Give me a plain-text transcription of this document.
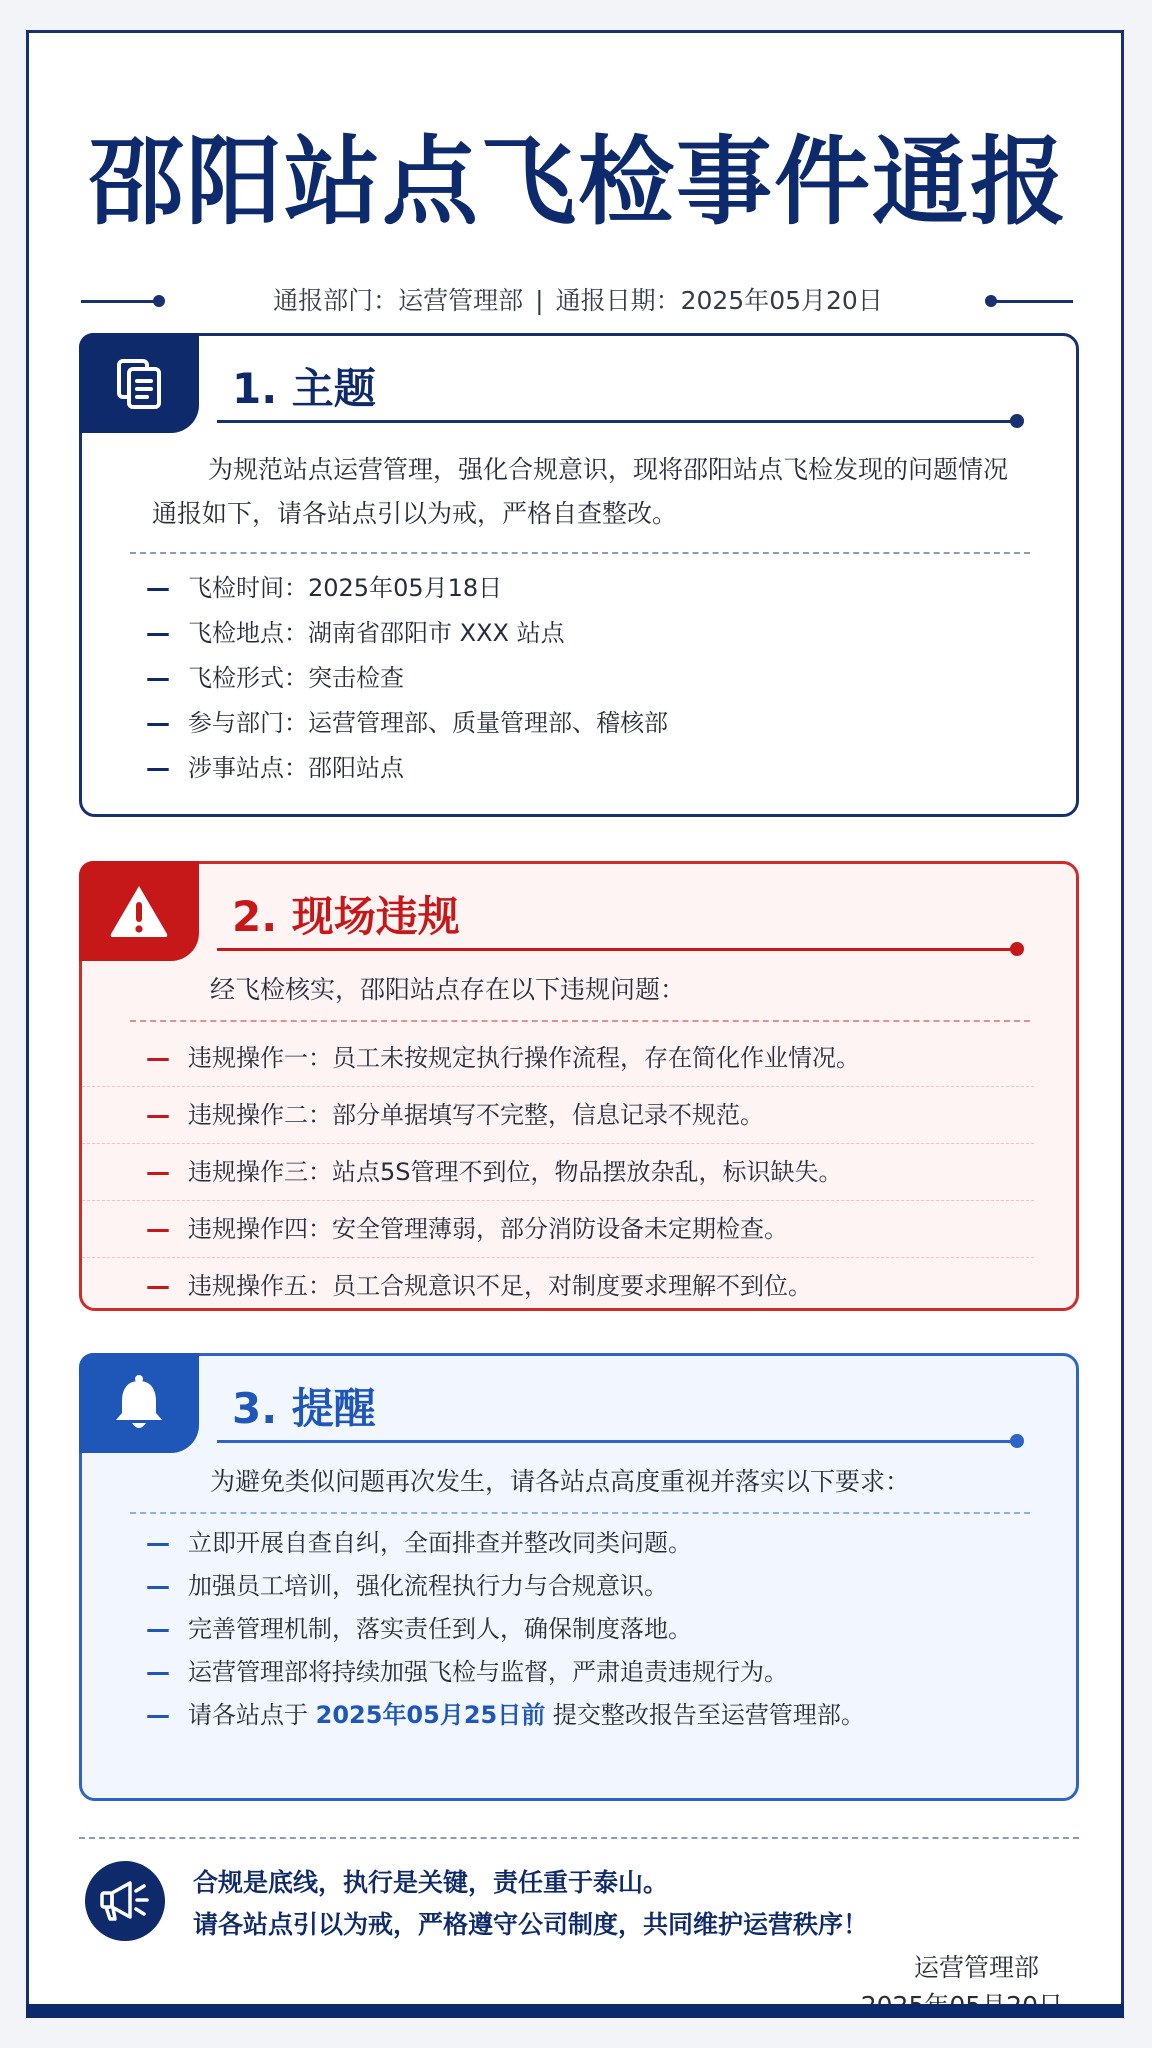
邵阳站点飞检事件通报
通报部门：运营管理部 | 通报日期：2025年05月20日
1. 主题
为规范站点运营管理，强化合规意识，现将邵阳站点飞检发现的问题情况通报如下，请各站点引以为戒，严格自查整改。
— 飞检时间：2025年05月18日
— 飞检地点：湖南省邵阳市 XXX 站点
— 飞检形式：突击检查
— 参与部门：运营管理部、质量管理部、稽核部
— 涉事站点：邵阳站点
2. 现场违规
经飞检核实，邵阳站点存在以下违规问题：
— 违规操作一：员工未按规定执行操作流程，存在简化作业情况。
— 违规操作二：部分单据填写不完整，信息记录不规范。
— 违规操作三：站点5S管理不到位，物品摆放杂乱，标识缺失。
— 违规操作四：安全管理薄弱，部分消防设备未定期检查。
— 违规操作五：员工合规意识不足，对制度要求理解不到位。
3. 提醒
为避免类似问题再次发生，请各站点高度重视并落实以下要求：
— 立即开展自查自纠，全面排查并整改同类问题。
— 加强员工培训，强化流程执行力与合规意识。
— 完善管理机制，落实责任到人，确保制度落地。
— 运营管理部将持续加强飞检与监督，严肃追责违规行为。
— 请各站点于 2025年05月25日前 提交整改报告至运营管理部。
合规是底线，执行是关键，责任重于泰山。
请各站点引以为戒，严格遵守公司制度，共同维护运营秩序！
运营管理部
